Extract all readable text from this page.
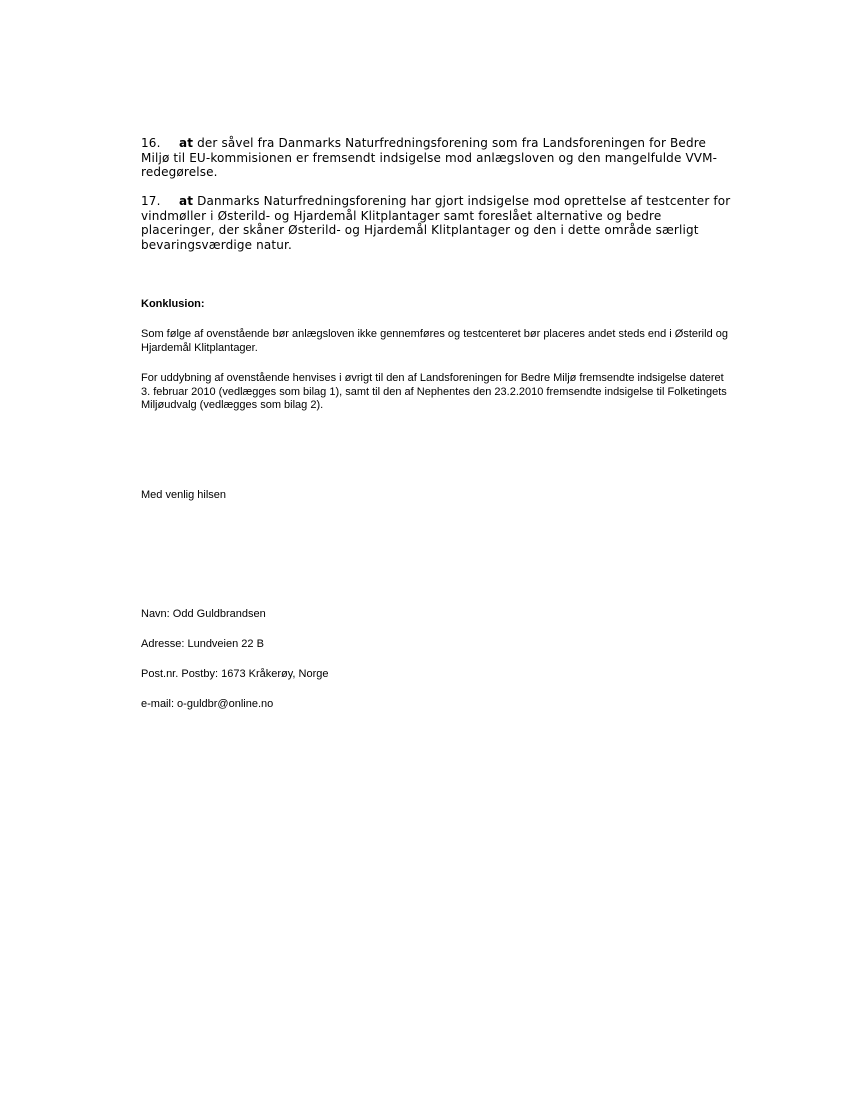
16. at der såvel fra Danmarks Naturfredningsforening som fra Landsforeningen for Bedre Miljø til EU-kommisionen er fremsendt indsigelse mod anlægsloven og den mangelfulde VVM-redegørelse.

17. at Danmarks Naturfredningsforening har gjort indsigelse mod oprettelse af testcenter for vindmøller i Østerild- og Hjardemål Klitplantager samt foreslået alternative og bedre placeringer, der skåner Østerild- og Hjardemål Klitplantager og den i dette område særligt bevaringsværdige natur.

Konklusion:

Som følge af ovenstående bør anlægsloven ikke gennemføres og testcenteret bør placeres andet steds end i Østerild og Hjardemål Klitplantager.

For uddybning af ovenstående henvises i øvrigt til den af Landsforeningen for Bedre Miljø fremsendte indsigelse dateret 3. februar 2010 (vedlægges som bilag 1), samt til den af Nephentes den 23.2.2010 fremsendte indsigelse til Folketingets Miljøudvalg (vedlægges som bilag 2).

Med venlig hilsen

Navn: Odd Guldbrandsen

Adresse: Lundveien 22 B

Post.nr. Postby: 1673 Kråkerøy, Norge

e-mail: o-guldbr@online.no
